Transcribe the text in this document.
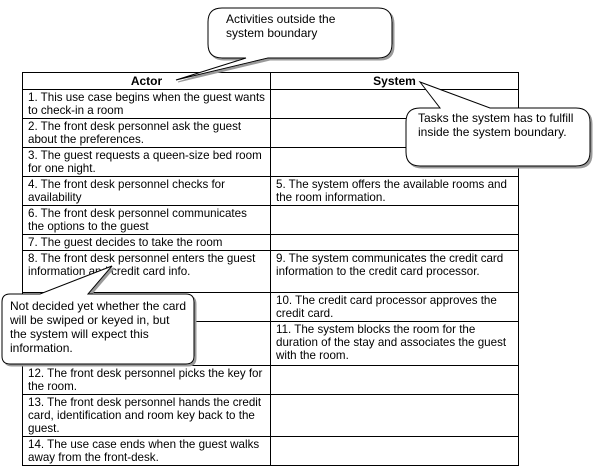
Actor	System
1. This use case begins when the guest wants to check-in a room	
2. The front desk personnel ask the guest about the preferences.	
3. The guest requests a queen-size bed room for one night.	
4. The front desk personnel checks for availability	5. The system offers the available rooms and the room information.
6. The front desk personnel communicates the options to the guest	
7. The guest decides to take the room	
8. The front desk personnel enters the guest information and credit card info.	9. The system communicates the credit card information to the credit card processor.
	10. The credit card processor approves the credit card.
	11. The system blocks the room for the duration of the stay and associates the guest with the room.
12. The front desk personnel picks the key for the room.	
13. The front desk personnel hands the credit card, identification and room key back to the guest.	
14. The use case ends when the guest walks away from the front-desk.	
Activities outside the system boundary
Tasks the system has to fulfill inside the system boundary.
Not decided yet whether the card will be swiped or keyed in, but the system will expect this information.
